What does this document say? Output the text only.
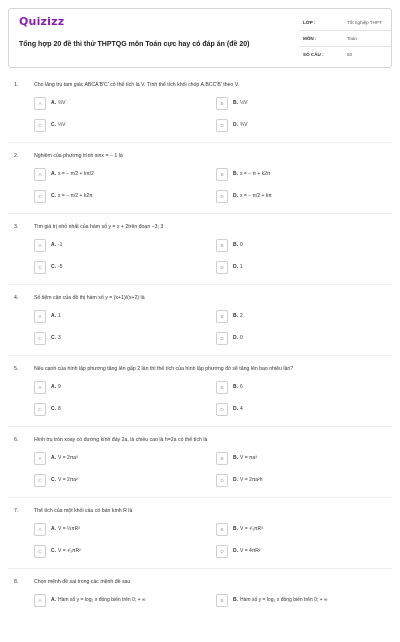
Quizizz
Tổng hợp 20 đề thi thử THPTQG môn Toán cực hay có đáp án (đề 20)
LỚP :	Tốt nghiệp THPT
MÔN :	Toán
SỐ CÂU :	50
1.	Cho lăng trụ tam giác ABCA'B'C' có thể tích là V. Tính thể tích khối chóp A.BCC'B' theo V.
A	A. ⅔V	B	B. ½V
C	C. ⅓V	D	D. ¾V
2.	Nghiệm của phương trình sinx = − 1 là
A	A. x = − π/2 + kπ/2	B	B. x = − π + k2π
C	C. x = − π/2 + k2π	D	D. x = − π/2 + kπ
3.	Tìm giá trị nhỏ nhất của hàm số y = x + 2trên đoạn −3; 3
A	A. -1	B	B. 0
C	C. -5	D	D. 1
4.	Số tiệm cận của đồ thị hàm số y = (x+1)/(x+2) là
A	A. 1	B	B. 2
C	C. 3	D	D. 0
5.	Nếu cạnh của hình lập phương tăng lên gấp 2 lần thì thể tích của hình lập phương đó sẽ tăng lên bao nhiêu lần?
A	A. 9	B	B. 6
C	C. 8	D	D. 4
6.	Hình trụ tròn xoay có đường kính đáy 2a, là chiều cao là h=2a có thể tích là
A	A. V = 2πa³	B	B. V = πa³
C	C. V = 2πa²	D	D. V = 2πa²h
7.	Thể tích của một khối cầu có bán kính R là
A	A. V = ⅓πR³	B	B. V = ⁴⁄₃πR³
C	C. V = ⁴⁄₃πR²	D	D. V = 4πR²
8.	Chọn mệnh đề sai trong các mệnh đề sau
A	A. Hàm số y = log₂ x đồng biến trên 0; + ∞	B	B. Hàm số y = log₂ x đồng biến trên 0; + ∞
